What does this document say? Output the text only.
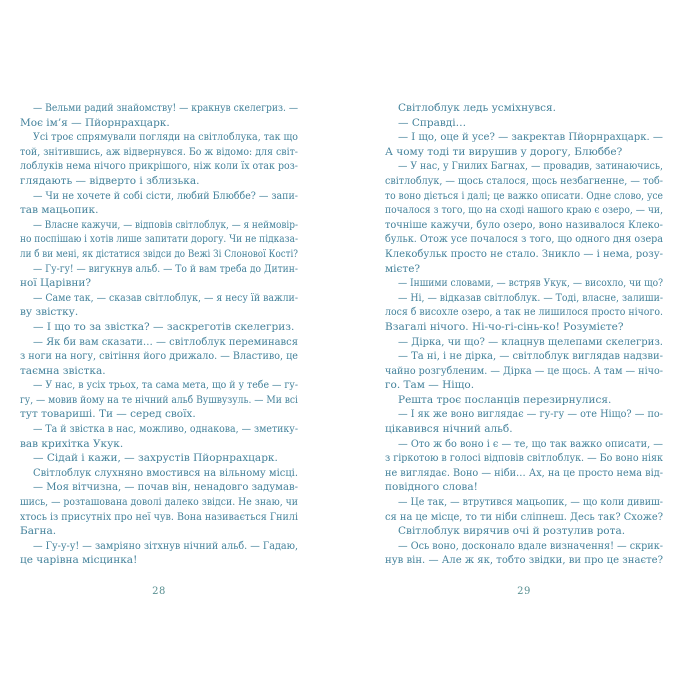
— Вельми радий знайомству! — кракнув скелегриз. —
Моє ім’я — Пйорнрахцарк.
Усі троє спрямували погляди на світлоблука, так що
той, знітившись, аж відвернувся. Бо ж відомо: для світ-
лоблуків нема нічого прикрішого, ніж коли їх отак роз-
глядають — відверто і зблизька.
— Чи не хочете й собі сісти, любий Блюббе? — запи-
тав мацьопик.
— Власне кажучи, — відповів світлоблук, — я неймовір-
но поспішаю і хотів лише запитати дорогу. Чи не підказа-
ли б ви мені, як дістатися звідси до Вежі Зі Слонової Кості?
— Гу-гу! — вигукнув альб. — То й вам треба до Дитин-
ної Царівни?
— Саме так, — сказав світлоблук, — я несу їй важли-
ву звістку.
— І що то за звістка? — заскреготів скелегриз.
— Як би вам сказати… — світлоблук переминався
з ноги на ногу, світіння його дрижало. — Властиво, це
таємна звістка.
— У нас, в усіх трьох, та сама мета, що й у тебе — гу-
гу, — мовив йому на те нічний альб Вушвузуль. — Ми всі
тут товариші. Ти — серед своїх.
— Та й звістка в нас, можливо, однакова, — зметику-
вав крихітка Укук.
— Сідай і кажи, — захрустів Пйорнрахцарк.
Світлоблук слухняно вмостився на вільному місці.
— Моя вітчизна, — почав він, ненадовго задумав-
шись, — розташована доволі далеко звідси. Не знаю, чи
хтось із присутніх про неї чув. Вона називається Гнилі
Багна.
— Гу-у-у! — замріяно зітхнув нічний альб. — Гадаю,
це чарівна місцинка!
28
Світлоблук ледь усміхнувся.
— Справді…
— І що, оце й усе? — закректав Пйорнрахцарк. —
А чому тоді ти вирушив у дорогу, Блюббе?
— У нас, у Гнилих Багнах, — провадив, затинаючись,
світлоблук, — щось сталося, щось незбагненне, — тоб-
то воно діється і далі; це важко описати. Одне слово, усе
почалося з того, що на сході нашого краю є озеро, — чи,
точніше кажучи, було озеро, воно називалося Клеко-
бульк. Отож усе почалося з того, що одного дня озера
Клекобульк просто не стало. Зникло — і нема, розу-
мієте?
— Іншими словами, — встряв Укук, — висохло, чи що?
— Ні, — відказав світлоблук. — Тоді, власне, залиши-
лося б висохле озеро, а так не лишилося просто нічого.
Взагалі нічого. Ні-чо-гі-сінь-ко! Розумієте?
— Дірка, чи що? — клацнув щелепами скелегриз.
— Та ні, і не дірка, — світлоблук виглядав надзви-
чайно розгубленим. — Дірка — це щось. А там — нічо-
го. Там — Ніщо.
Решта троє посланців перезирнулися.
— І як же воно виглядає — гу-гу — оте Ніщо? — по-
цікавився нічний альб.
— Ото ж бо воно і є — те, що так важко описати, —
з гіркотою в голосі відповів світлоблук. — Бо воно ніяк
не виглядає. Воно — ніби… Ах, на це просто нема від-
повідного слова!
— Це так, — втрутився мацьопик, — що коли дивиш-
ся на це місце, то ти ніби сліпнеш. Десь так? Схоже?
Світлоблук вирячив очі й розтулив рота.
— Ось воно, досконало вдале визначення! — скрик-
нув він. — Але ж як, тобто звідки, ви про це знаєте?
29
